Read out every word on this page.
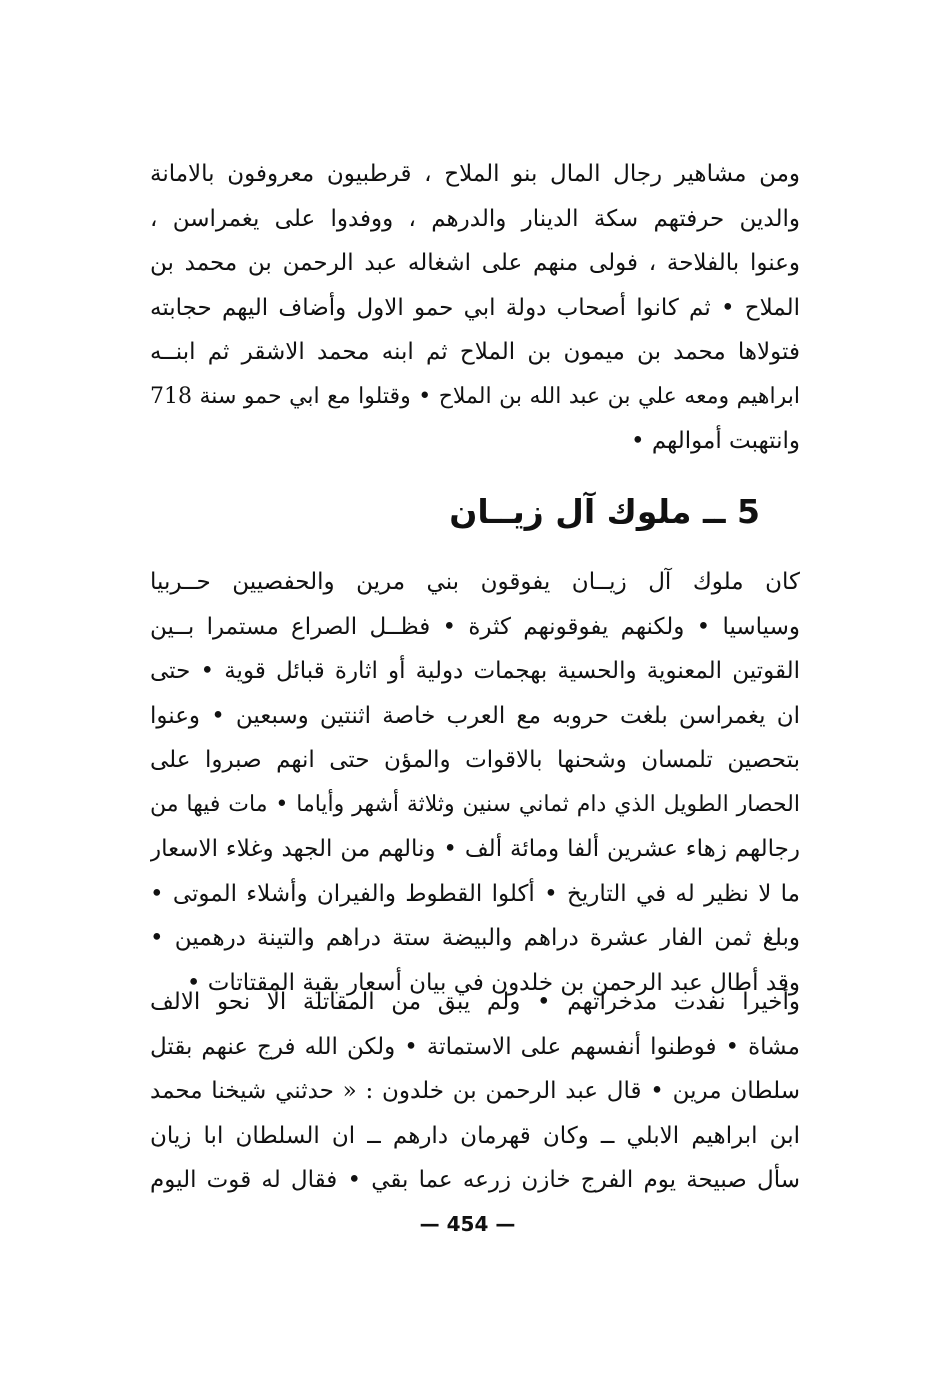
ومن مشاهير رجال المال بنو الملاح ، قرطبيون معروفون بالامانة
والدين حرفتهم سكة الدينار والدرهم ، ووفدوا على يغمراسن ،
وعنوا بالفلاحة ، فولى منهم على اشغاله عبد الرحمن بن محمد بن
الملاح • ثم كانوا أصحاب دولة ابي حمو الاول وأضاف اليهم حجابته
فتولاها محمد بن ميمون بن الملاح ثم ابنه محمد الاشقر ثم ابنــه
ابراهيم ومعه علي بن عبد الله بن الملاح • وقتلوا مع ابي حمو سنة 718
وانتهبت أموالهم •
5 ــ ملوك آل زيــان
كان ملوك آل زيــان يفوقون بني مرين والحفصيين حــربيا
وسياسيا • ولكنهم يفوقونهم كثرة • فظــل الصراع مستمرا بــين
القوتين المعنوية والحسية بهجمات دولية أو اثارة قبائل قوية • حتى
ان يغمراسن بلغت حروبه مع العرب خاصة اثنتين وسبعين • وعنوا
بتحصين تلمسان وشحنها بالاقوات والمؤن حتى انهم صبروا على
الحصار الطويل الذي دام ثماني سنين وثلاثة أشهر وأياما • مات فيها من
رجالهم زهاء عشرين ألفا ومائة ألف • ونالهم من الجهد وغلاء الاسعار
ما لا نظير له في التاريخ • أكلوا القطوط والفيران وأشلاء الموتى •
وبلغ ثمن الفار عشرة دراهم والبيضة ستة دراهم والتينة درهمين •
وقد أطال عبد الرحمن بن خلدون في بيان أسعار بقية المقتاتات •
وأخيرا نفدت مدخراتهم • ولم يبق من المقاتلة الا نحو الالف
مشاة • فوطنوا أنفسهم على الاستماتة • ولكن الله فرج عنهم بقتل
سلطان مرين • قال عبد الرحمن بن خلدون : « حدثني شيخنا محمد
ابن ابراهيم الابلي ــ وكان قهرمان دارهم ــ ان السلطان ابا زيان
سأل صبيحة يوم الفرج خازن زرعه عما بقي • فقال له قوت اليوم
— 454 —
